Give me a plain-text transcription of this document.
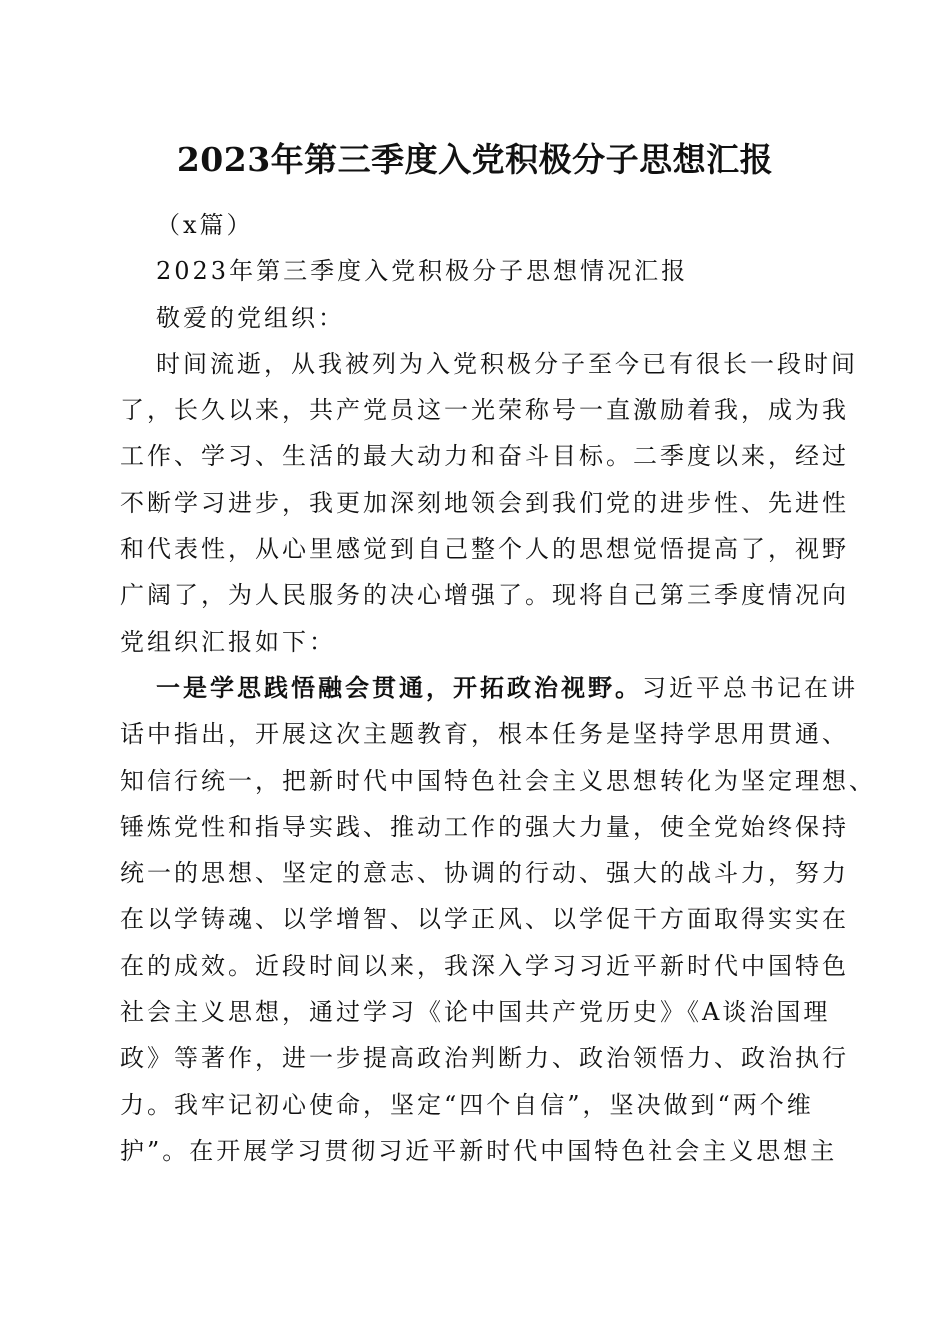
2023年第三季度入党积极分子思想汇报
（x篇）
2023年第三季度入党积极分子思想情况汇报
敬爱的党组织：
时间流逝，从我被列为入党积极分子至今已有很长一段时间
了，长久以来，共产党员这一光荣称号一直激励着我，成为我
工作、学习、生活的最大动力和奋斗目标。二季度以来，经过
不断学习进步，我更加深刻地领会到我们党的进步性、先进性
和代表性，从心里感觉到自己整个人的思想觉悟提高了，视野
广阔了，为人民服务的决心增强了。现将自己第三季度情况向
党组织汇报如下：
一是学思践悟融会贯通，开拓政治视野。习近平总书记在讲
话中指出，开展这次主题教育，根本任务是坚持学思用贯通、
知信行统一，把新时代中国特色社会主义思想转化为坚定理想、
锤炼党性和指导实践、推动工作的强大力量，使全党始终保持
统一的思想、坚定的意志、协调的行动、强大的战斗力，努力
在以学铸魂、以学增智、以学正风、以学促干方面取得实实在
在的成效。近段时间以来，我深入学习习近平新时代中国特色
社会主义思想，通过学习《论中国共产党历史》《A谈治国理
政》等著作，进一步提高政治判断力、政治领悟力、政治执行
力。我牢记初心使命，坚定“四个自信”，坚决做到“两个维
护”。在开展学习贯彻习近平新时代中国特色社会主义思想主
